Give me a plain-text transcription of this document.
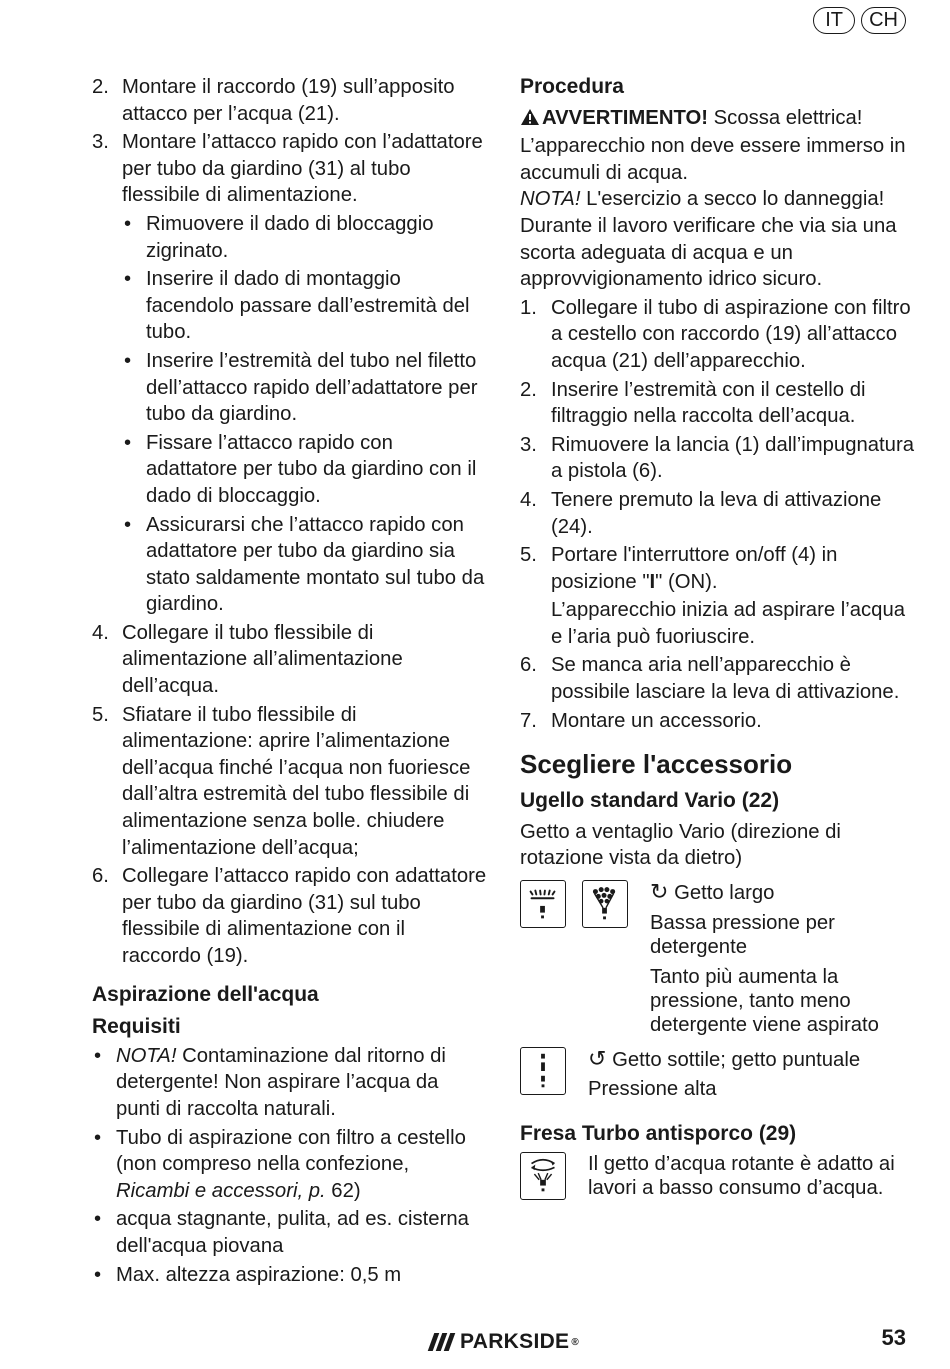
IT	CH
2. Montare il raccordo (19) sull’apposito attacco per l’acqua (21).
3. Montare l’attacco rapido con l’adattatore per tubo da giardino (31) al tubo flessibile di alimentazione.
• Rimuovere il dado di bloccaggio zigrinato.
• Inserire il dado di montaggio facendolo passare dall’estremità del tubo.
• Inserire l’estremità del tubo nel filetto dell’attacco rapido dell’adattatore per tubo da giardino.
• Fissare l’attacco rapido con adattatore per tubo da giardino con il dado di bloccaggio.
• Assicurarsi che l’attacco rapido con adattatore per tubo da giardino sia stato saldamente montato sul tubo da giardino.
4. Collegare il tubo flessibile di alimentazione all’alimentazione dell’acqua.
5. Sfiatare il tubo flessibile di alimentazione: aprire l’alimentazione dell’acqua finché l’acqua non fuoriesce dall’altra estremità del tubo flessibile di alimentazione senza bolle. chiudere l’alimentazione dell’acqua;
6. Collegare l’attacco rapido con adattatore per tubo da giardino (31) sul tubo flessibile di alimentazione con il raccordo (19).
Aspirazione dell'acqua
Requisiti
• NOTA! Contaminazione dal ritorno di detergente! Non aspirare l’acqua da punti di raccolta naturali.
• Tubo di aspirazione con filtro a cestello (non compreso nella confezione, Ricambi e accessori, p. 62)
• acqua stagnante, pulita, ad es. cisterna dell'acqua piovana
• Max. altezza aspirazione: 0,5 m
Procedura

AVVERTIMENTO! Scossa elettrica! L’apparecchio non deve essere immerso in accumuli di acqua.

NOTA! L'esercizio a secco lo danneggia! Durante il lavoro verificare che via sia una scorta adeguata di acqua e un approvvigionamento idrico sicuro.

1. Collegare il tubo di aspirazione con filtro a cestello con raccordo (19) all’attacco acqua (21) dell’apparecchio.
2. Inserire l’estremità con il cestello di filtraggio nella raccolta dell’acqua.
3. Rimuovere la lancia (1) dall’impugnatura a pistola (6).
4. Tenere premuto la leva di attivazione (24).
5. Portare l'interruttore on/off (4) in posizione "I" (ON).
L’apparecchio inizia ad aspirare l’acqua e l’aria può fuoriuscire.
6. Se manca aria nell’apparecchio è possibile lasciare la leva di attivazione.
7. Montare un accessorio.
Scegliere l'accessorio
Ugello standard Vario (22)

Getto a ventaglio Vario (direzione di rotazione vista da dietro)

↻ Getto largo

Bassa pressione per detergente

Tanto più aumenta la pressione, tanto meno detergente viene aspirato

↺ Getto sottile; getto puntuale

Pressione alta

Fresa Turbo antisporco (29)
Il getto d’acqua rotante è adatto ai lavori a basso consumo d’acqua.
PARKSIDE ®	53
